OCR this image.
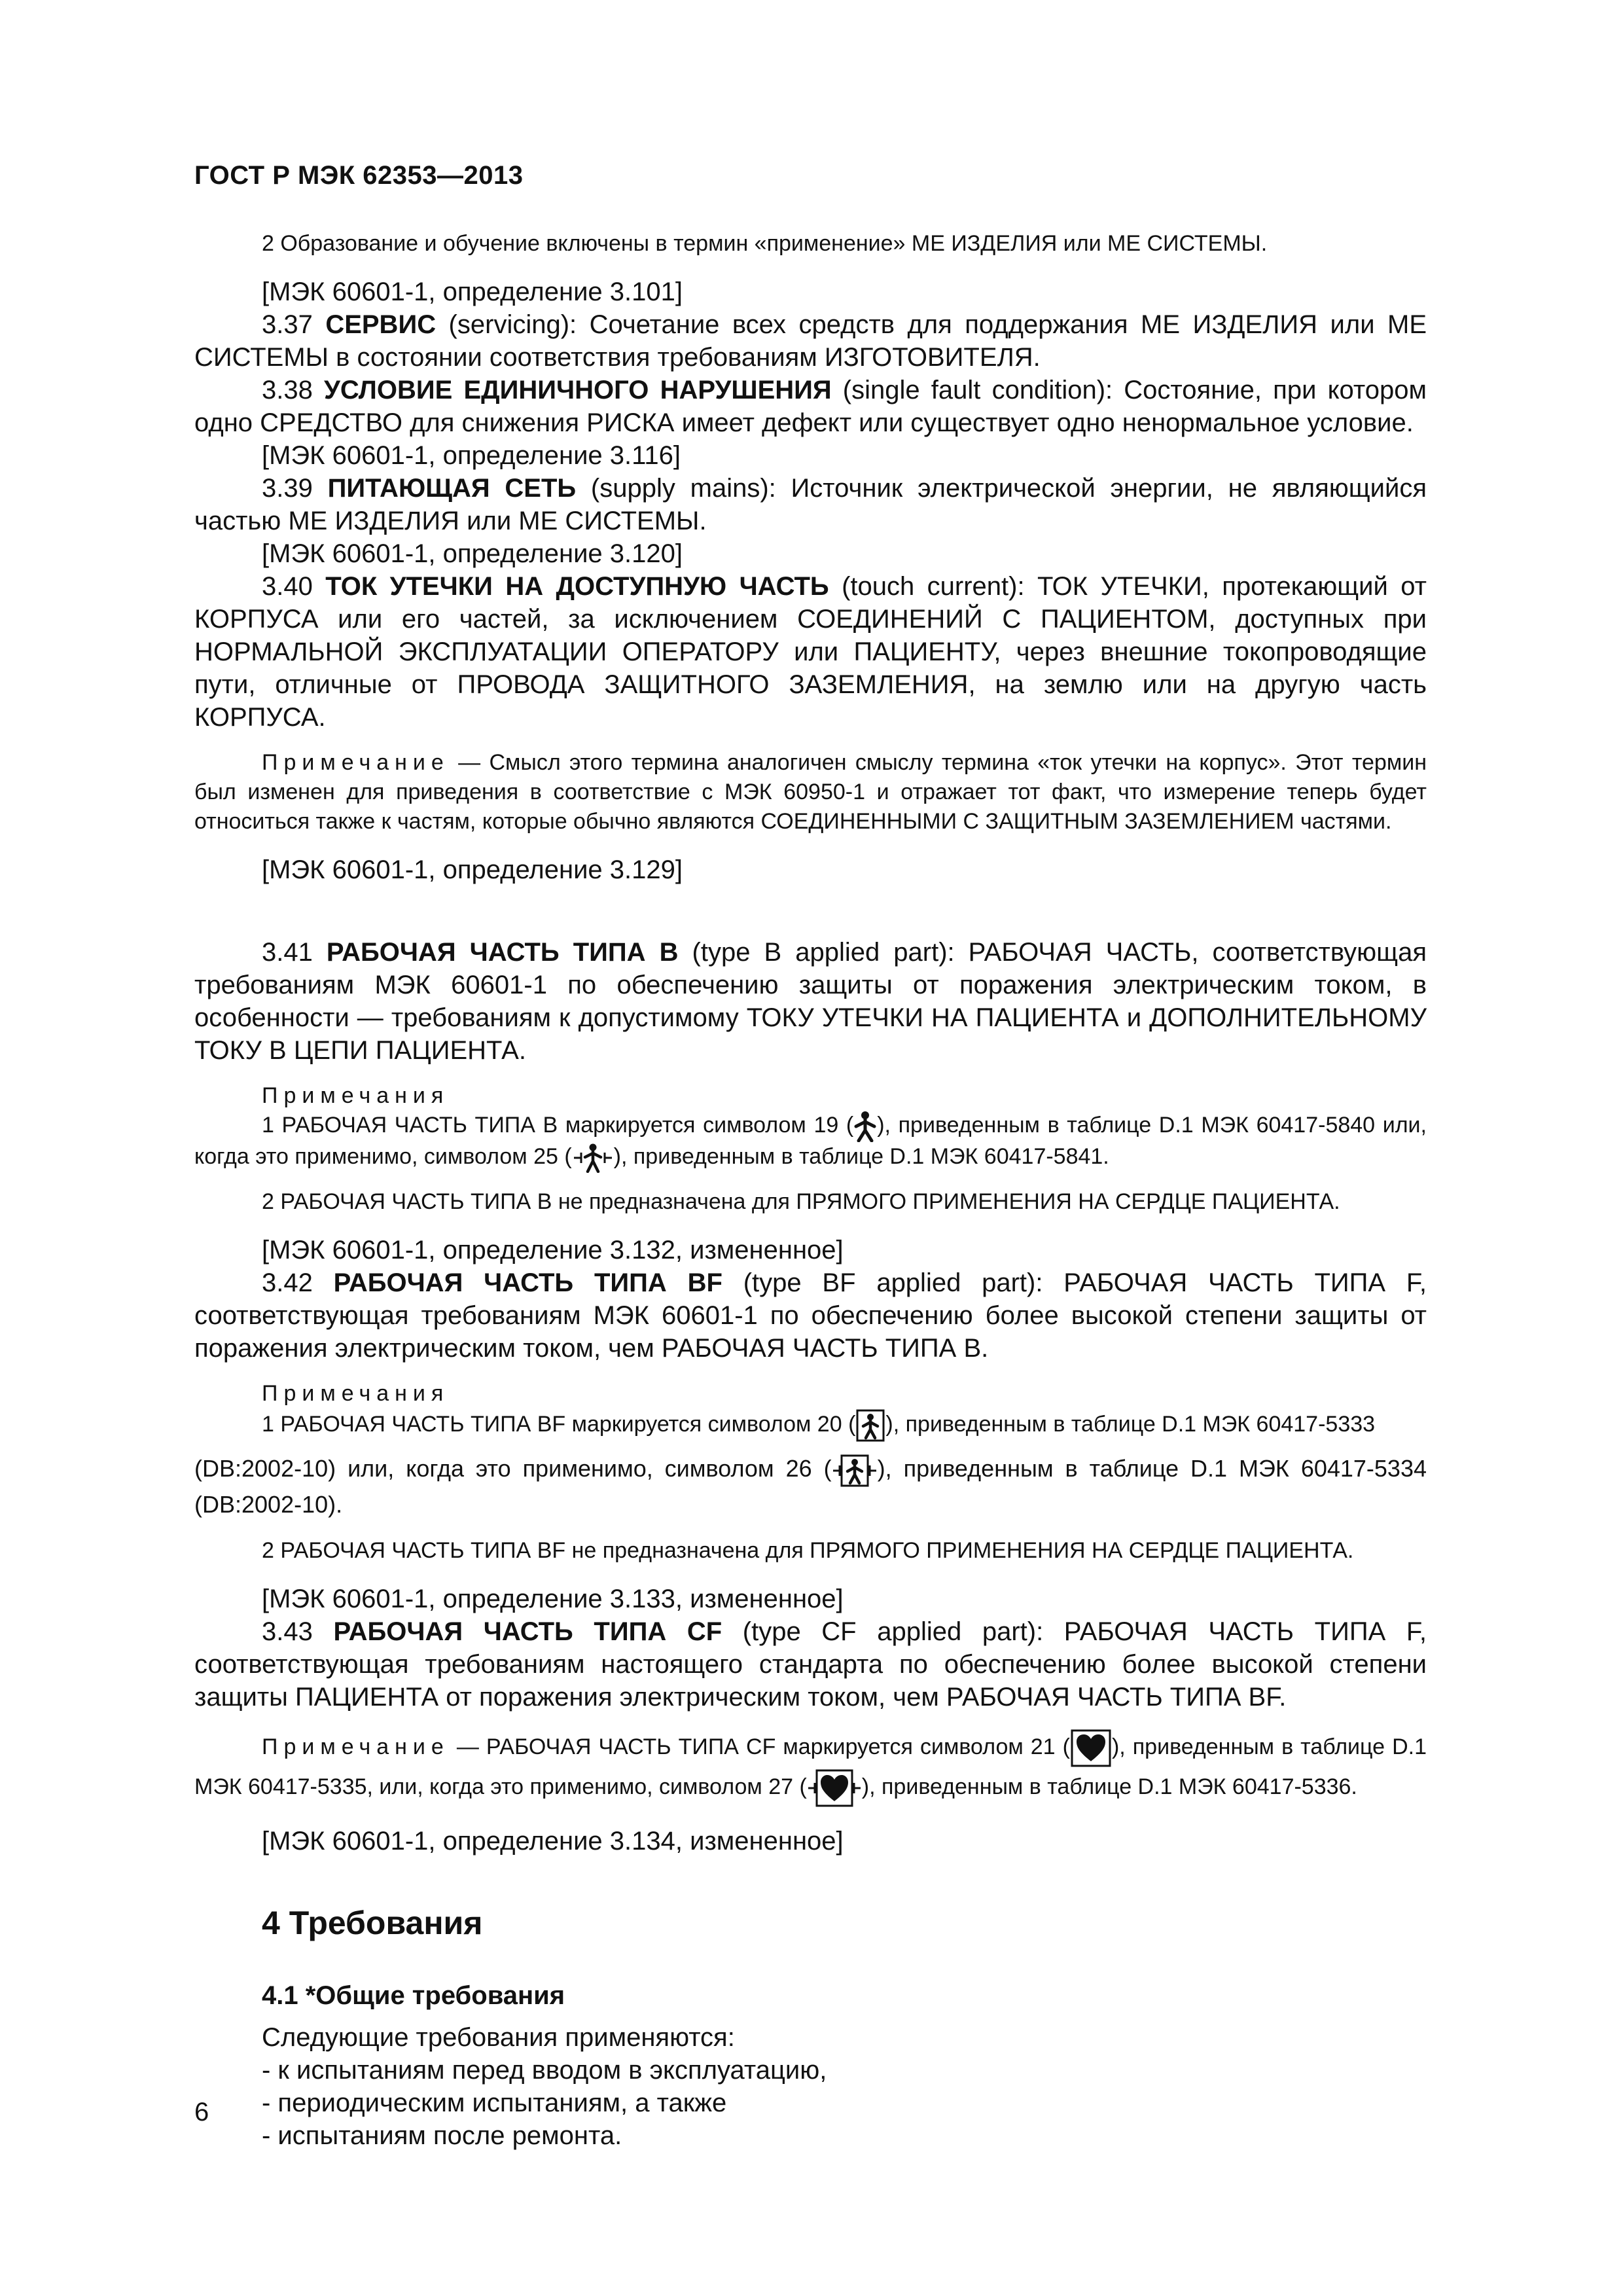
ГОСТ Р МЭК 62353—2013

2 Образование и обучение включены в термин «применение» МЕ ИЗДЕЛИЯ или МЕ СИСТЕМЫ.

[МЭК 60601-1, определение 3.101]

3.37 СЕРВИС (servicing): Сочетание всех средств для поддержания МЕ ИЗДЕЛИЯ или МЕ СИСТЕМЫ в состоянии соответствия требованиям ИЗГОТОВИТЕЛЯ.

3.38 УСЛОВИЕ ЕДИНИЧНОГО НАРУШЕНИЯ (single fault condition): Состояние, при котором одно СРЕДСТВО для снижения РИСКА имеет дефект или существует одно ненормальное условие.

[МЭК 60601-1, определение 3.116]

3.39 ПИТАЮЩАЯ СЕТЬ (supply mains): Источник электрической энергии, не являющийся частью МЕ ИЗДЕЛИЯ или МЕ СИСТЕМЫ.

[МЭК 60601-1, определение 3.120]

3.40 ТОК УТЕЧКИ НА ДОСТУПНУЮ ЧАСТЬ (touch current): ТОК УТЕЧКИ, протекающий от КОРПУСА или его частей, за исключением СОЕДИНЕНИЙ С ПАЦИЕНТОМ, доступных при НОРМАЛЬНОЙ ЭКСПЛУАТАЦИИ ОПЕРАТОРУ или ПАЦИЕНТУ, через внешние токопроводящие пути, отличные от ПРОВОДА ЗАЩИТНОГО ЗАЗЕМЛЕНИЯ, на землю или на другую часть КОРПУСА.

Примечание — Смысл этого термина аналогичен смыслу термина «ток утечки на корпус». Этот термин был изменен для приведения в соответствие с МЭК 60950-1 и отражает тот факт, что измерение теперь будет относиться также к частям, которые обычно являются СОЕДИНЕННЫМИ С ЗАЩИТНЫМ ЗАЗЕМЛЕНИЕМ частями.

[МЭК 60601-1, определение 3.129]

3.41 РАБОЧАЯ ЧАСТЬ ТИПА В (type B applied part): РАБОЧАЯ ЧАСТЬ, соответствующая требованиям МЭК 60601-1 по обеспечению защиты от поражения электрическим током, в особенности — требованиям к допустимому ТОКУ УТЕЧКИ НА ПАЦИЕНТА и ДОПОЛНИТЕЛЬНОМУ ТОКУ В ЦЕПИ ПАЦИЕНТА.

Примечания

1 РАБОЧАЯ ЧАСТЬ ТИПА В маркируется символом 19 ( ), приведенным в таблице D.1 МЭК 60417-5840 или, когда это применимо, символом 25 ( ), приведенным в таблице D.1 МЭК 60417-5841.

2 РАБОЧАЯ ЧАСТЬ ТИПА В не предназначена для ПРЯМОГО ПРИМЕНЕНИЯ НА СЕРДЦЕ ПАЦИЕНТА.

[МЭК 60601-1, определение 3.132, измененное]

3.42 РАБОЧАЯ ЧАСТЬ ТИПА BF (type BF applied part): РАБОЧАЯ ЧАСТЬ ТИПА F, соответствующая требованиям МЭК 60601-1 по обеспечению более высокой степени защиты от поражения электрическим током, чем РАБОЧАЯ ЧАСТЬ ТИПА В.

Примечания

1 РАБОЧАЯ ЧАСТЬ ТИПА BF маркируется символом 20 ( ), приведенным в таблице D.1 МЭК 60417-5333

(DB:2002-10) или, когда это применимо, символом 26 ( ), приведенным в таблице D.1 МЭК 60417-5334 (DB:2002-10).

2 РАБОЧАЯ ЧАСТЬ ТИПА BF не предназначена для ПРЯМОГО ПРИМЕНЕНИЯ НА СЕРДЦЕ ПАЦИЕНТА.

[МЭК 60601-1, определение 3.133, измененное]

3.43 РАБОЧАЯ ЧАСТЬ ТИПА CF (type CF applied part): РАБОЧАЯ ЧАСТЬ ТИПА F, соответствующая требованиям настоящего стандарта по обеспечению более высокой степени защиты ПАЦИЕНТА от поражения электрическим током, чем РАБОЧАЯ ЧАСТЬ ТИПА BF.

Примечание — РАБОЧАЯ ЧАСТЬ ТИПА CF маркируется символом 21 ( ), приведенным в таблице D.1 МЭК 60417-5335, или, когда это применимо, символом 27 ( ), приведенным в таблице D.1 МЭК 60417-5336.

[МЭК 60601-1, определение 3.134, измененное]

4 Требования

4.1 *Общие требования

Следующие требования применяются:

- к испытаниям перед вводом в эксплуатацию,

- периодическим испытаниям, а также

- испытаниям после ремонта.

6
